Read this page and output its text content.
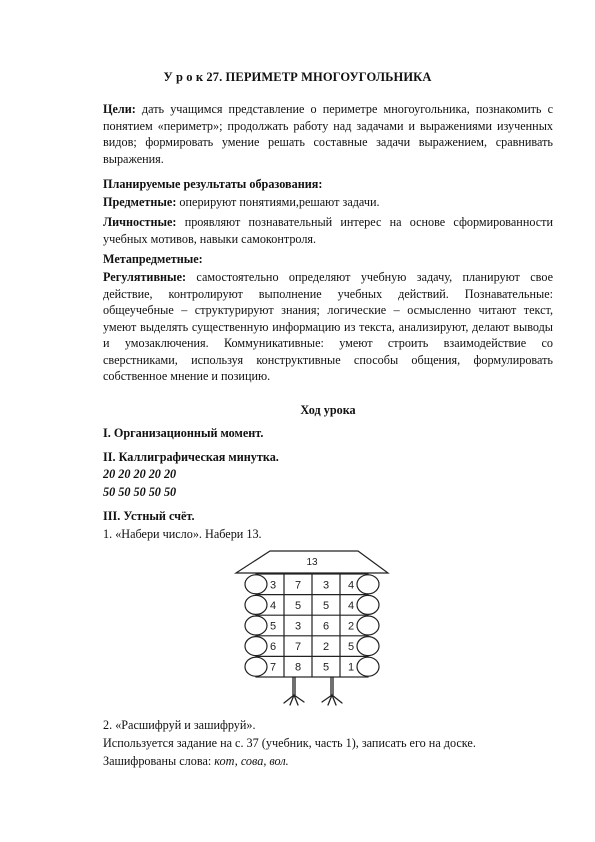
У р о к 27. ПЕРИМЕТР МНОГОУГОЛЬНИКА

Цели: дать учащимся представление о периметре многоугольника, познакомить с понятием «периметр»; продолжать работу над задачами и выражениями изученных видов; формировать умение решать составные задачи выражением, сравнивать выражения.

Планируемые результаты образования:

Предметные: оперируют понятиями,решают задачи.

Личностные: проявляют познавательный интерес на основе сформированности учебных мотивов, навыки самоконтроля.

Метапредметные:

Регулятивные: самостоятельно определяют учебную задачу, планируют свое действие, контролируют выполнение учебных действий. Познавательные: общеучебные – структурируют знания; логические – осмысленно читают текст, умеют выделять существенную информацию из текста, анализируют, делают выводы и умозаключения. Коммуникативные: умеют строить взаимодействие со сверстниками, используя конструктивные способы общения, формулировать собственное мнение и позицию.

Ход урока
I. Организационный момент.
II. Каллиграфическая минутка.
20 20 20 20 20
50 50 50 50 50
III. Устный счёт.
1. «Набери число». Набери 13.
13
3 7 3 4
4 5 5 4
5 3 6 2
6 7 2 5
7 8 5 1
2. «Расшифруй и зашифруй».
Используется задание на с. 37 (учебник, часть 1), записать его на доске.
Зашифрованы слова: кот, сова, вол.
